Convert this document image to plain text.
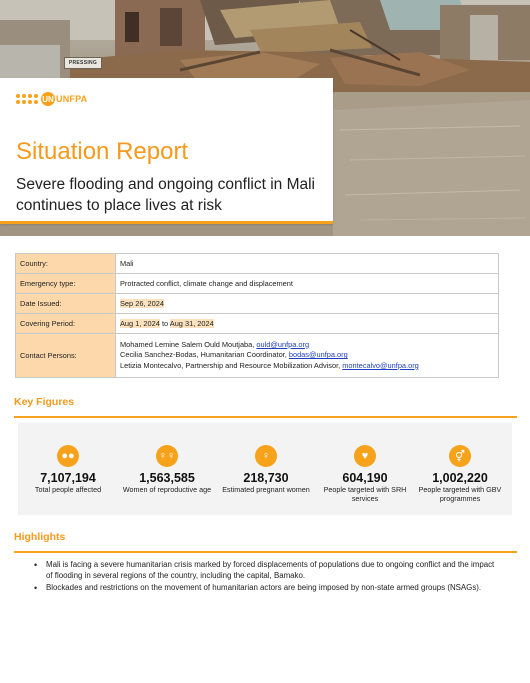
PRESSING
UN UNFPA
Situation Report
Severe flooding and ongoing conflict in Mali continues to place lives at risk
Country:	Mali
Emergency type:	Protracted conflict, climate change and displacement
Date Issued:	Sep 26, 2024
Covering Period:	Aug 1, 2024 to Aug 31, 2024
Contact Persons:	Mohamed Lemine Salem Ould Moutjaba, ould@unfpa.org
Cecilia Sanchez-Bodas, Humanitarian Coordinator, bodas@unfpa.org
Letizia Montecalvo, Partnership and Resource Mobilization Advisor, montecalvo@unfpa.org
Key Figures
●●
7,107,194
Total people affected
♀♀
1,563,585
Women of reproductive age
♀
218,730
Estimated pregnant women
♥
604,190
People targeted with SRH services
⚥
1,002,220
People targeted with GBV programmes
Highlights
• Mali is facing a severe humanitarian crisis marked by forced displacements of populations due to ongoing conflict and the impact of flooding in several regions of the country, including the capital, Bamako.
• Blockades and restrictions on the movement of humanitarian actors are being imposed by non-state armed groups (NSAGs).
